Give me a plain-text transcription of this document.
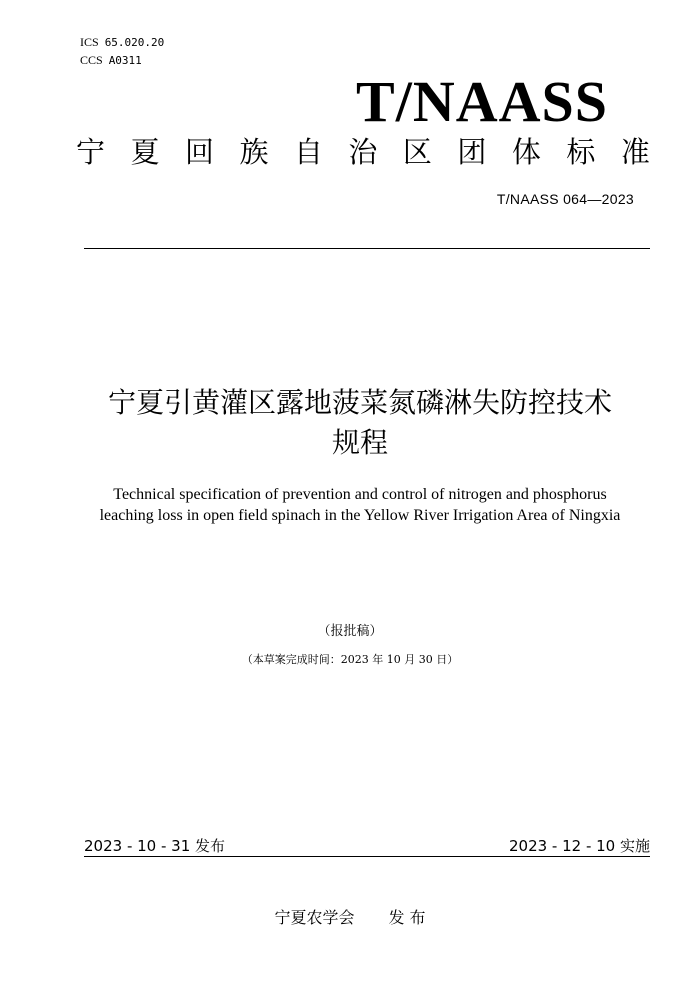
ICS 65.020.20
CCS A0311
T/NAASS
宁 夏 回 族 自 治 区 团 体 标 准
T/NAASS 064—2023
宁夏引黄灌区露地菠菜氮磷淋失防控技术
规程
Technical specification of prevention and control of nitrogen and phosphorus
leaching loss in open field spinach in the Yellow River Irrigation Area of Ningxia
（报批稿）
（本草案完成时间：2023 年 10 月 30 日）
2023 - 10 - 31 发布	2023 - 12 - 10 实施
宁夏农学会 发 布
